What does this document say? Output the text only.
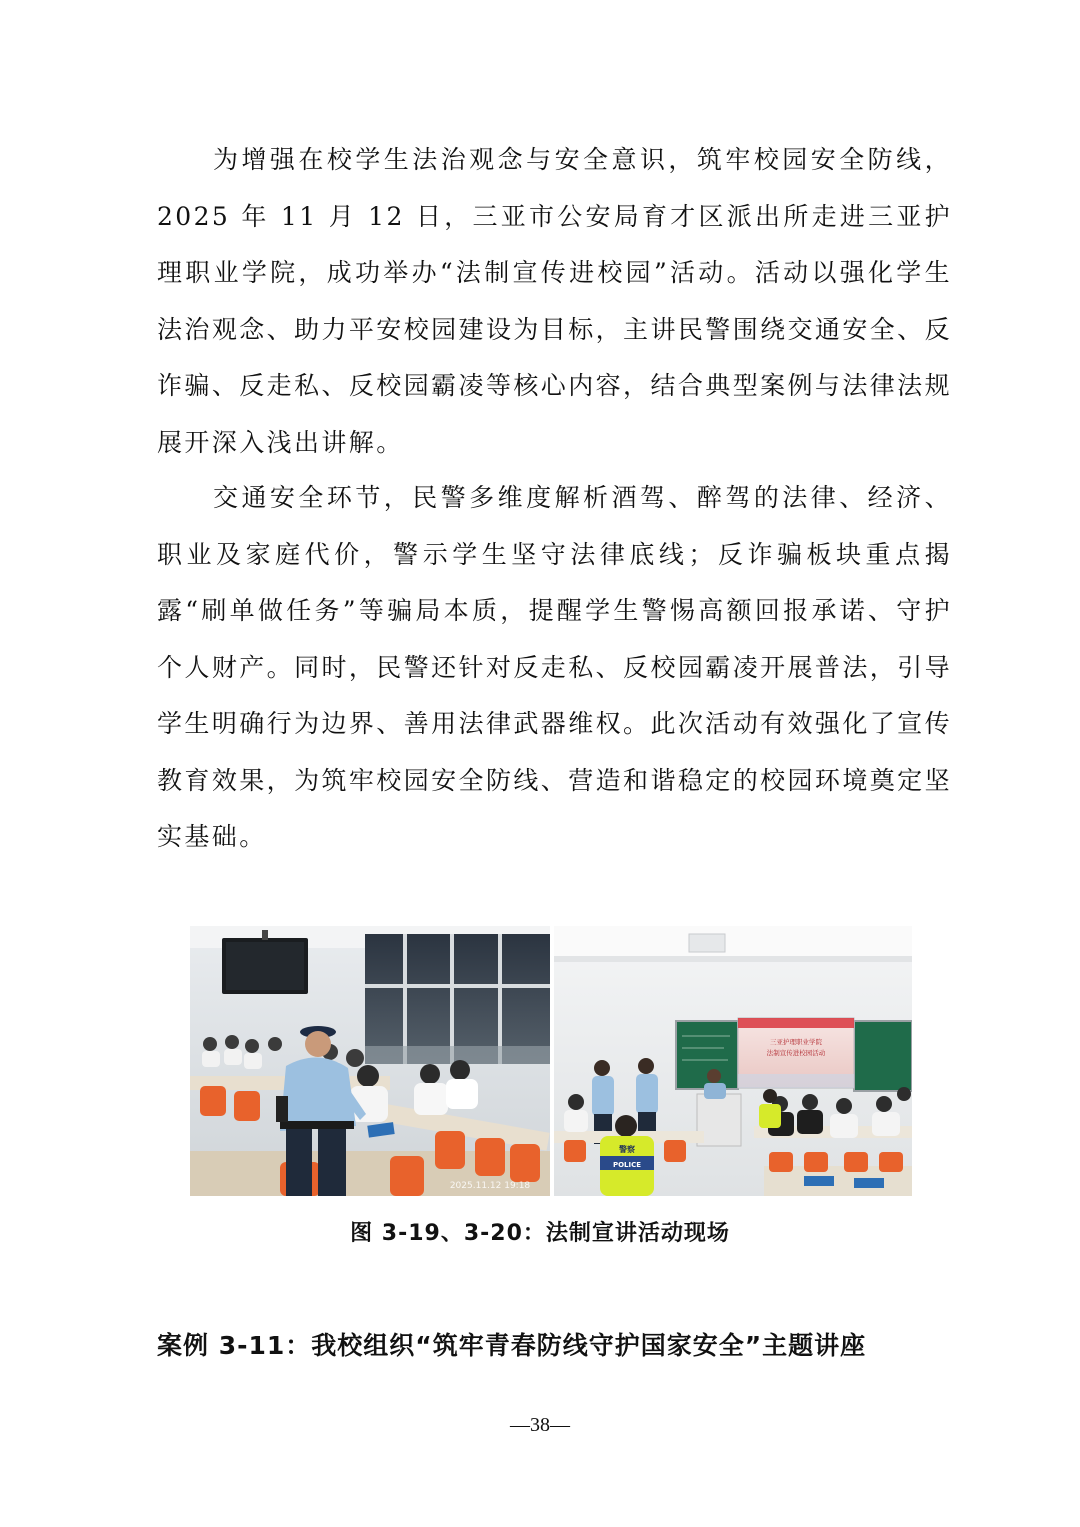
为增强在校学生法治观念与安全意识，筑牢校园安全防线，2025 年 11 月 12 日，三亚市公安局育才区派出所走进三亚护理职业学院，成功举办“法制宣传进校园”活动。活动以强化学生法治观念、助力平安校园建设为目标，主讲民警围绕交通安全、反诈骗、反走私、反校园霸凌等核心内容，结合典型案例与法律法规展开深入浅出讲解。

交通安全环节，民警多维度解析酒驾、醉驾的法律、经济、职业及家庭代价，警示学生坚守法律底线；反诈骗板块重点揭露“刷单做任务”等骗局本质，提醒学生警惕高额回报承诺、守护个人财产。同时，民警还针对反走私、反校园霸凌开展普法，引导学生明确行为边界、善用法律武器维权。此次活动有效强化了宣传教育效果，为筑牢校园安全防线、营造和谐稳定的校园环境奠定坚实基础。

2025.11.12 19:18
三亚护理职业学院
法制宣传进校园活动
警察
POLICE
图 3-19、3-20：法制宣讲活动现场
案例 3-11：我校组织“筑牢青春防线守护国家安全”主题讲座
—38—
